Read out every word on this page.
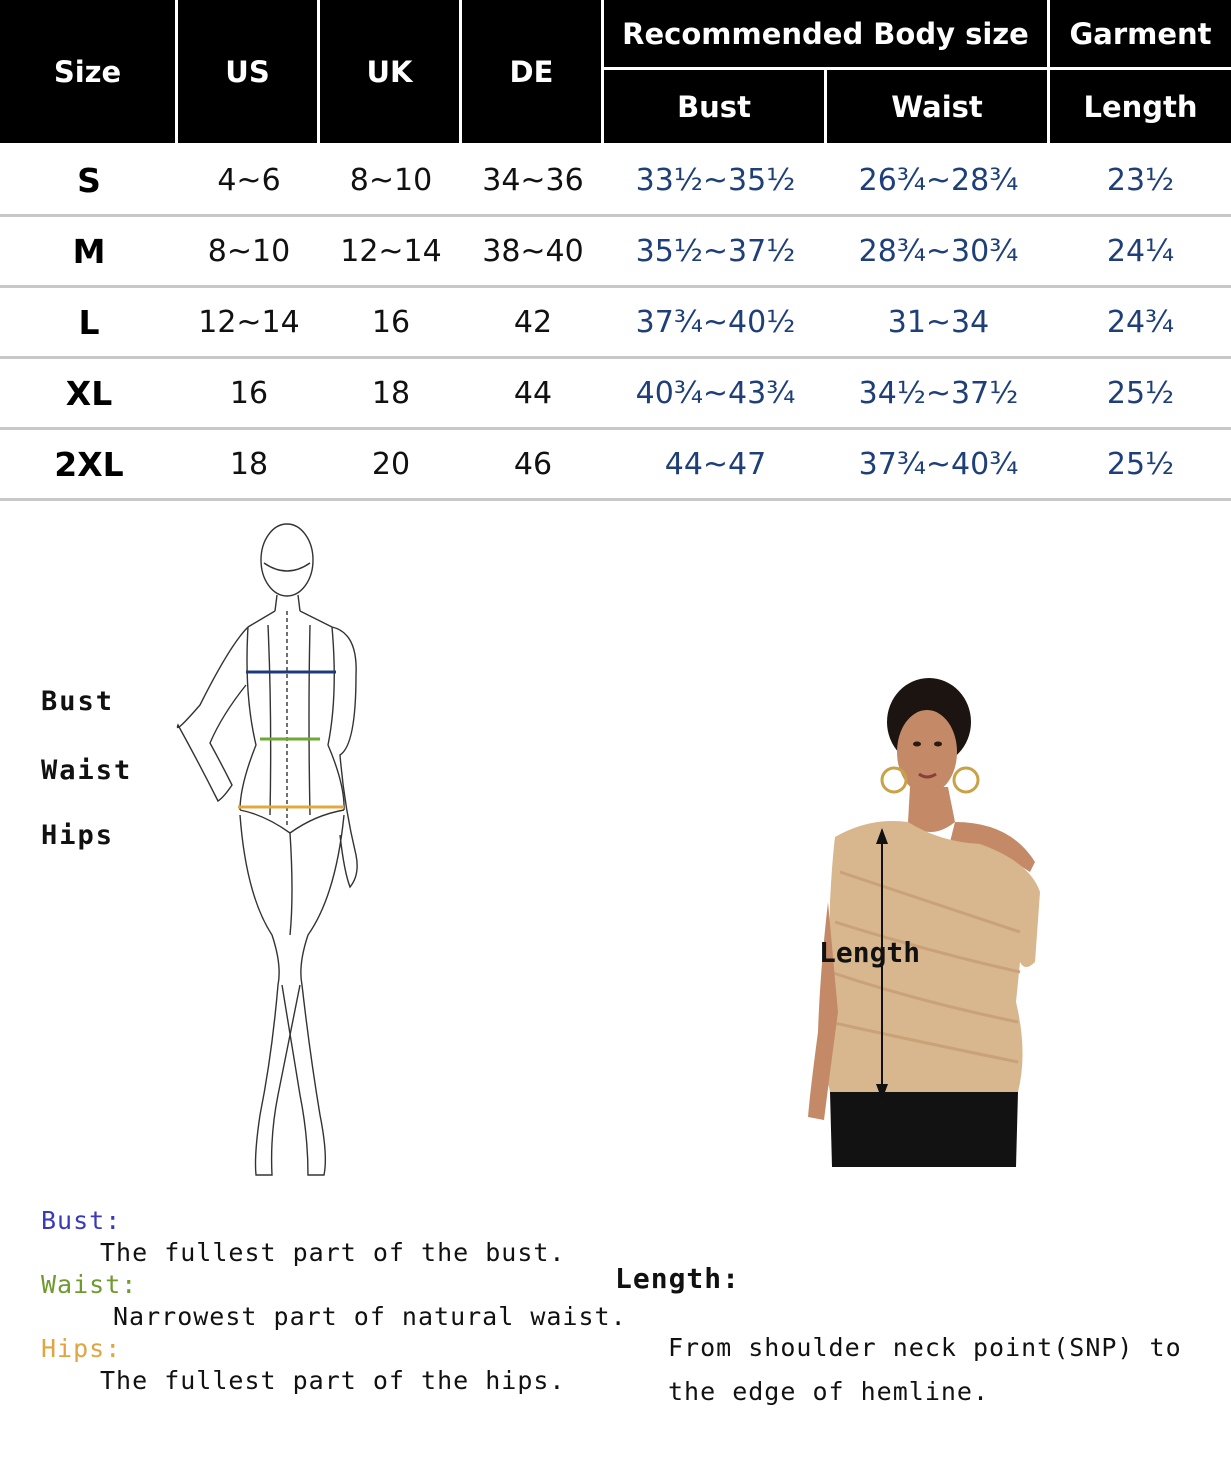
Size	US	UK	DE	Recommended Body size		Garment
				Bust	Waist	Length
S	4~6	8~10	34~36	33½~35½	26¾~28¾	23½
M	8~10	12~14	38~40	35½~37½	28¾~30¾	24¼
L	12~14	16	42	37¾~40½	31~34	24¾
XL	16	18	44	40¾~43¾	34½~37½	25½
2XL	18	20	46	44~47	37¾~40¾	25½
Bust
Waist
Hips
Length
Bust:
The fullest part of the bust.
Waist:
Narrowest part of natural waist.
Hips:
The fullest part of the hips.
Length:
From shoulder neck point(SNP) to the edge of hemline.
